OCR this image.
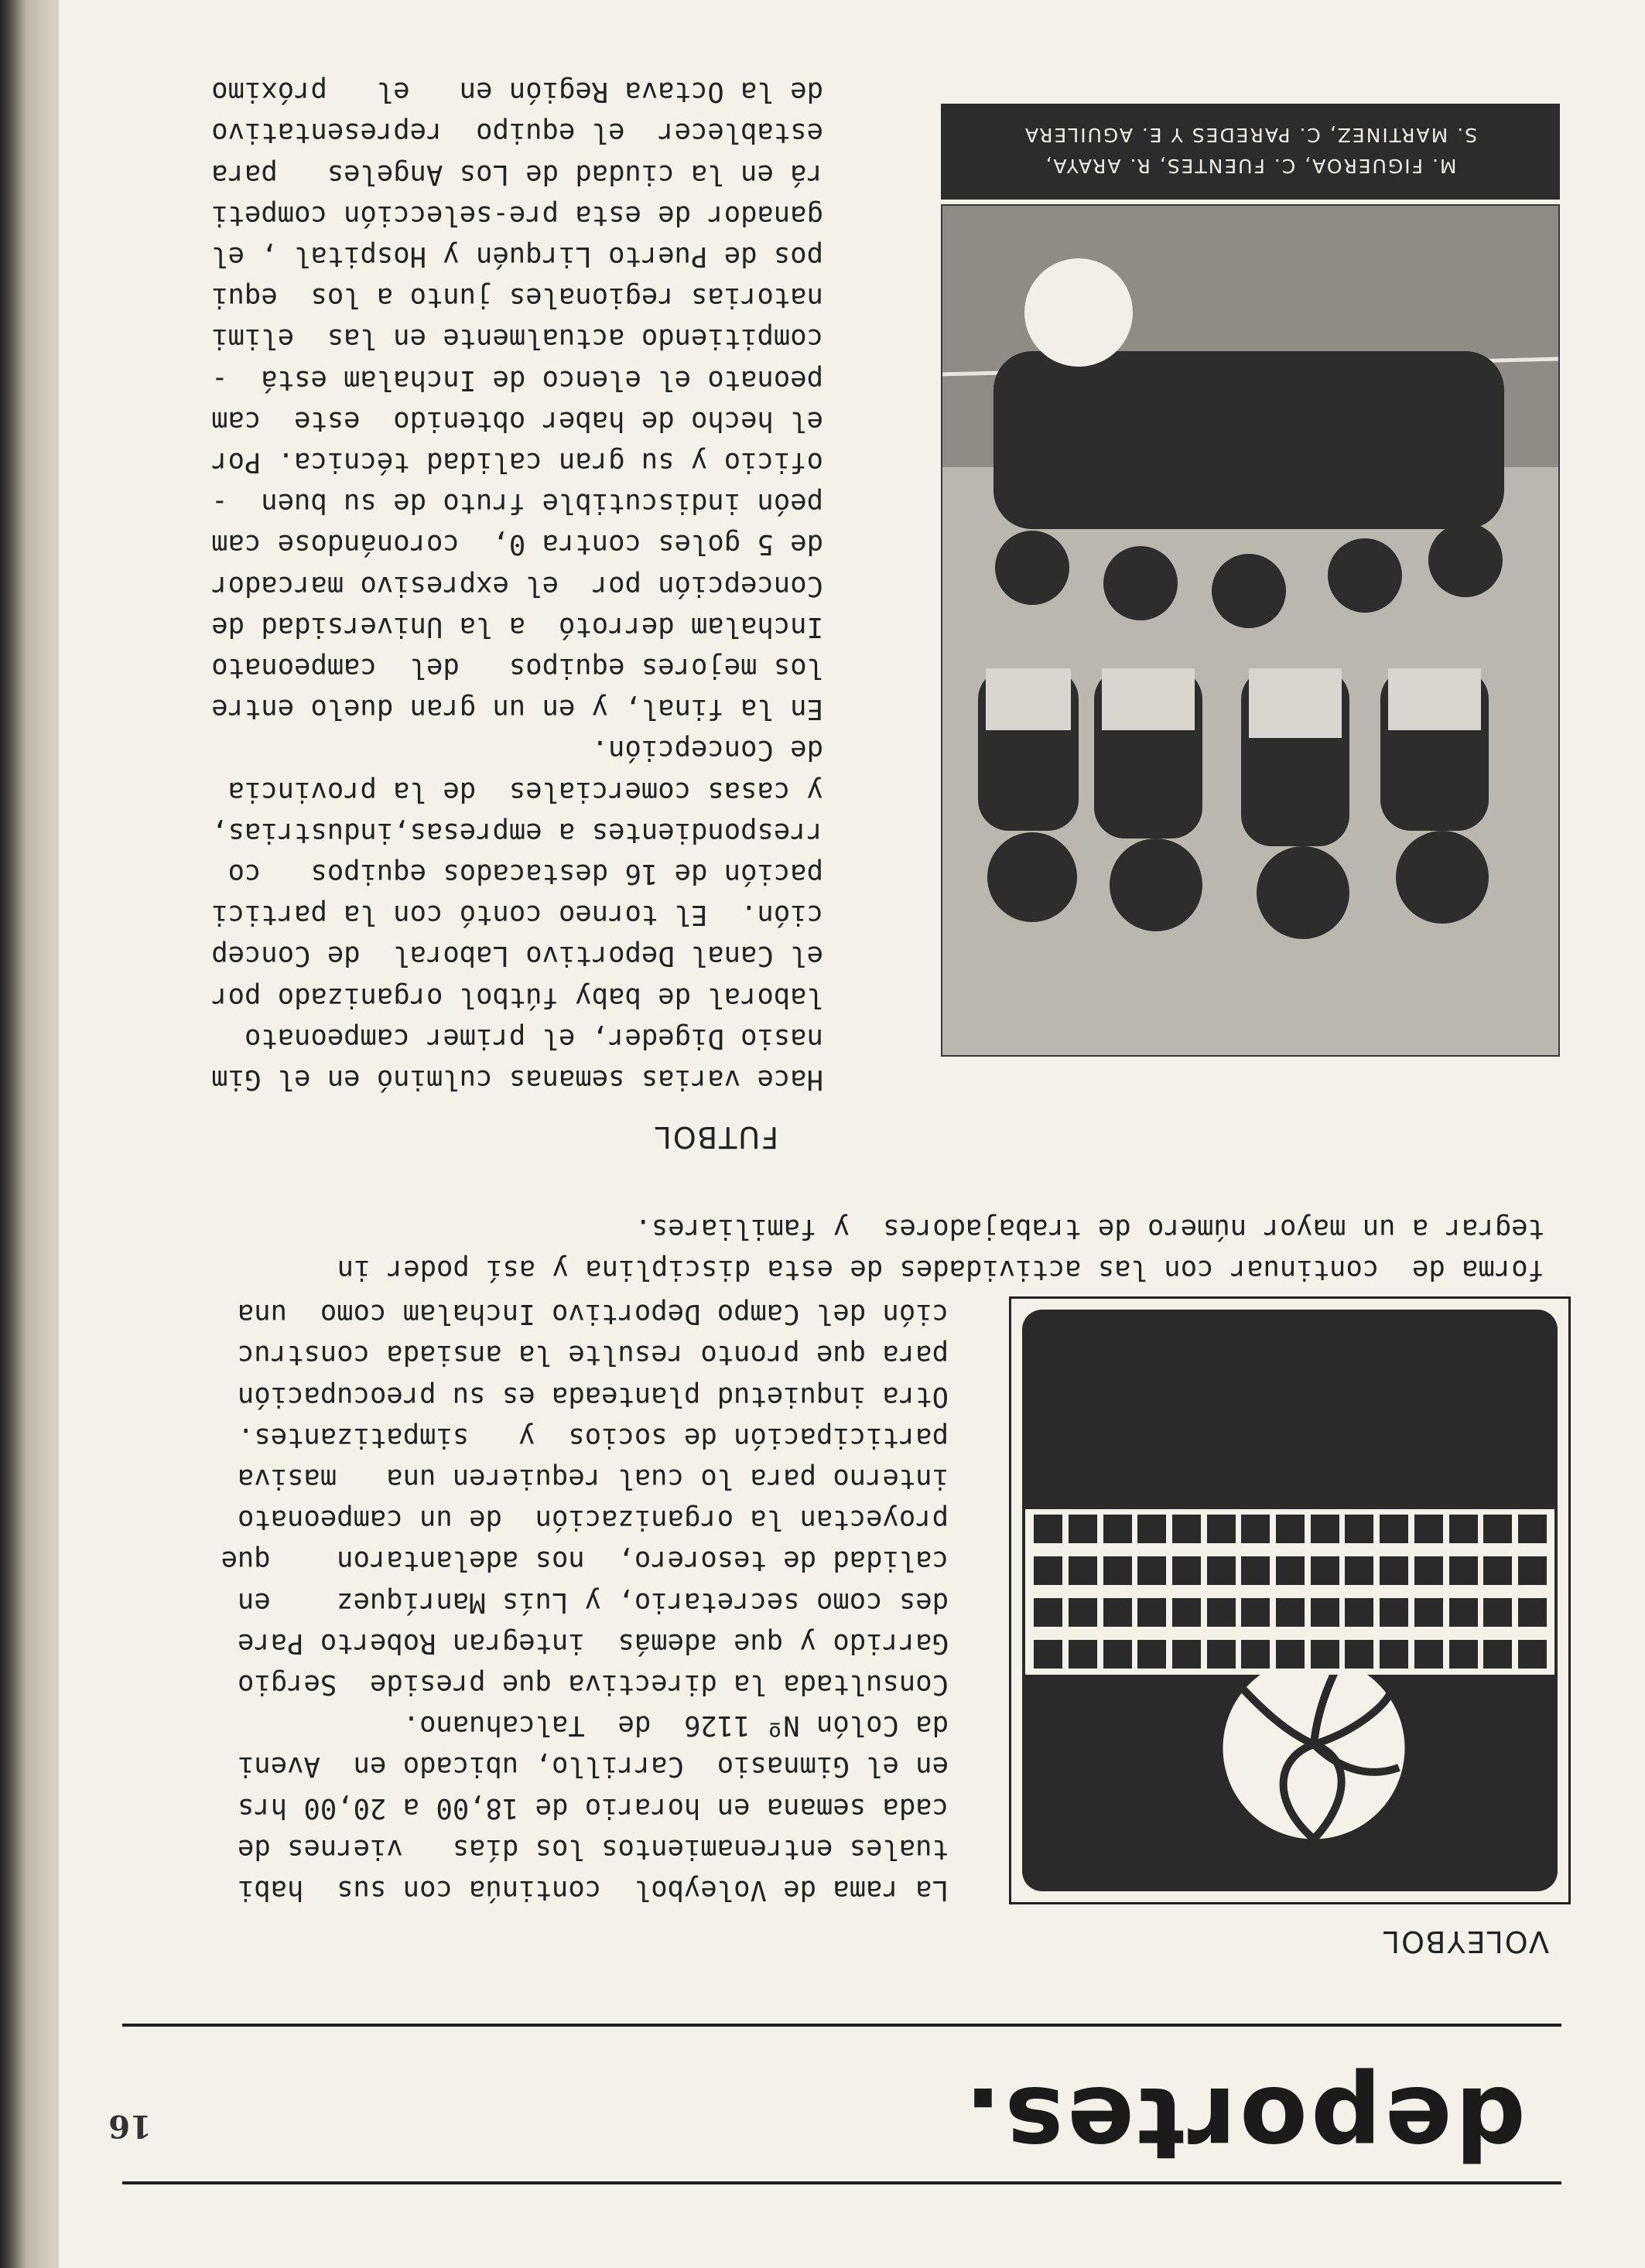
16	deportes.
VOLEYBOL
La rama de Voleybol  continúa con sus  habi
tuales entrenamientos los días   viernes de
cada semana en horario de 18,00 a 20,00 hrs
en el Gimnasio  Carrillo, ubicado en  Aveni
da Colón Nº 1126  de  Talcahuano.
Consultada la directiva que preside  Sergio
Garrido y que además  integran Roberto Pare
des como secretario, y Luís Manríquez    en
calidad de tesorero,  nos adelantaron    que
proyectan la organización  de un campeonato
interno para lo cual requieren una   masiva
participación de socios  y   simpatizantes.
Otra inquietud planteada es su preocupación
para que pronto resulte la ansiada construc
ción del Campo Deportivo Inchalam como  una
forma de  continuar con las actividades de esta disciplina y así poder in
tegrar a un mayor número de trabajadores  y familiares.
FUTBOL
Hace varias semanas culminó en el Gim
nasio Digeder, el primer campeonato
laboral de baby fútbol organizado por
el Canal Deportivo Laboral  de Concep
ción.  El torneo contó con la partici
pación de 16 destacados equipos   co
rrespondientes a empresas,industrias,
y casas comerciales  de la provincia
de Concepción.
En la final, y en un gran duelo entre
los mejores equipos   del  campeonato
Inchalam derrotó  a la Universidad de
Concepción por  el expresivo marcador
de 5 goles contra 0,  coronándose cam
peón indiscutible fruto de su buen  -
oficio y su gran calidad técnica. Por
el hecho de haber obtenido  este  cam
peonato el elenco de Inchalam está  -
compitiendo actualmente en las  elimi
natorias regionales junto a los  equi
pos de Puerto Lirquén y Hospital , el
ganador de esta pre-selección competi
rá en la ciudad de Los Angeles   para
establecer  el equipo  representativo
de la Octava Región en   el   próximo
M. FIGUEROA, C. FUENTES, R. ARAYA,
S. MARTINEZ, C. PAREDES Y E. AGUILERA
